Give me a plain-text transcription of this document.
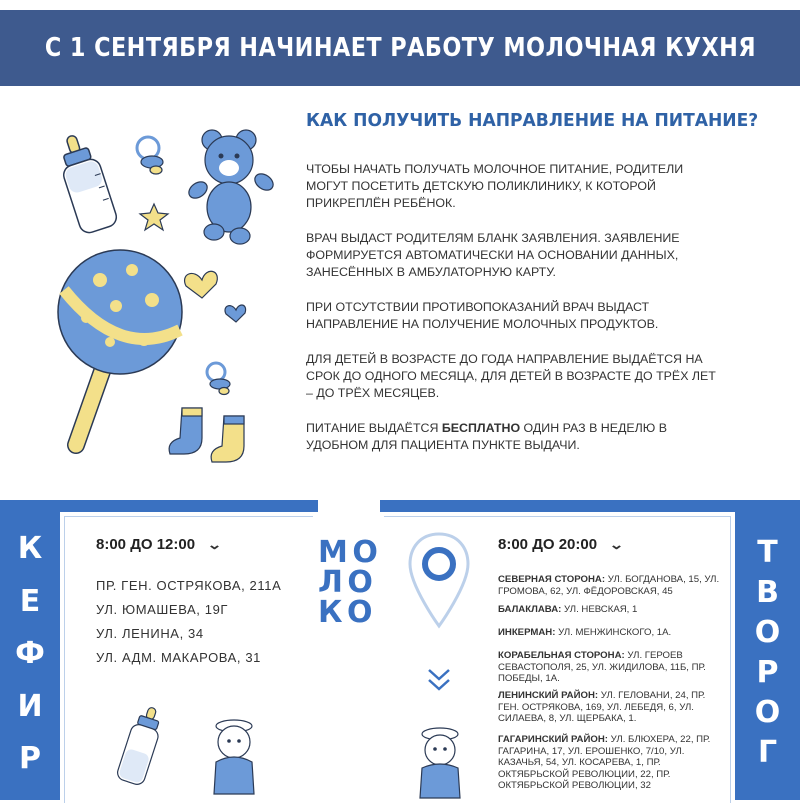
С 1 СЕНТЯБРЯ НАЧИНАЕТ РАБОТУ МОЛОЧНАЯ КУХНЯ
КАК ПОЛУЧИТЬ НАПРАВЛЕНИЕ НА ПИТАНИЕ?

ЧТОБЫ НАЧАТЬ ПОЛУЧАТЬ МОЛОЧНОЕ ПИТАНИЕ, РОДИТЕЛИ МОГУТ ПОСЕТИТЬ ДЕТСКУЮ ПОЛИКЛИНИКУ, К КОТОРОЙ ПРИКРЕПЛЁН РЕБЁНОК.

ВРАЧ ВЫДАСТ РОДИТЕЛЯМ БЛАНК ЗАЯВЛЕНИЯ. ЗАЯВЛЕНИЕ ФОРМИРУЕТСЯ АВТОМАТИЧЕСКИ НА ОСНОВАНИИ ДАННЫХ, ЗАНЕСЁННЫХ В АМБУЛАТОРНУЮ КАРТУ.

ПРИ ОТСУТСТВИИ ПРОТИВОПОКАЗАНИЙ ВРАЧ ВЫДАСТ НАПРАВЛЕНИЕ НА ПОЛУЧЕНИЕ МОЛОЧНЫХ ПРОДУКТОВ.

ДЛЯ ДЕТЕЙ В ВОЗРАСТЕ ДО ГОДА НАПРАВЛЕНИЕ ВЫДАЁТСЯ НА СРОК ДО ОДНОГО МЕСЯЦА, ДЛЯ ДЕТЕЙ В ВОЗРАСТЕ ДО ТРЁХ ЛЕТ – ДО ТРЁХ МЕСЯЦЕВ.

ПИТАНИЕ ВЫДАЁТСЯ БЕСПЛАТНО ОДИН РАЗ В НЕДЕЛЮ В УДОБНОМ ДЛЯ ПАЦИЕНТА ПУНКТЕ ВЫДАЧИ.

К
Е
Ф
И
Р
8:00 ДО 12:00 ⌄
ПР. ГЕН. ОСТРЯКОВА, 211А
УЛ. ЮМАШЕВА, 19Г
УЛ. ЛЕНИНА, 34
УЛ. АДМ. МАКАРОВА, 31
М О Л О К О
8:00 ДО 20:00 ⌄
СЕВЕРНАЯ СТОРОНА: УЛ. БОГДАНОВА, 15, УЛ. ГРОМОВА, 62, УЛ. ФЁДОРОВСКАЯ, 45
БАЛАКЛАВА: УЛ. НЕВСКАЯ, 1
ИНКЕРМАН: УЛ. МЕНЖИНСКОГО, 1А.
КОРАБЕЛЬНАЯ СТОРОНА: УЛ. ГЕРОЕВ СЕВАСТОПОЛЯ, 25, УЛ. ЖИДИЛОВА, 11Б, ПР. ПОБЕДЫ, 1А.
ЛЕНИНСКИЙ РАЙОН: УЛ. ГЕЛОВАНИ, 24, ПР. ГЕН. ОСТРЯКОВА, 169, УЛ. ЛЕБЕДЯ, 6, УЛ. СИЛАЕВА, 8, УЛ. ЩЕРБАКА, 1.
ГАГАРИНСКИЙ РАЙОН: УЛ. БЛЮХЕРА, 22, ПР. ГАГАРИНА, 17, УЛ. ЕРОШЕНКО, 7/10, УЛ. КАЗАЧЬЯ, 54, УЛ. КОСАРЕВА, 1, ПР. ОКТЯБРЬСКОЙ РЕВОЛЮЦИИ, 22, ПР. ОКТЯБРЬСКОЙ РЕВОЛЮЦИИ, 32
Т
В
О
Р
О
Г
